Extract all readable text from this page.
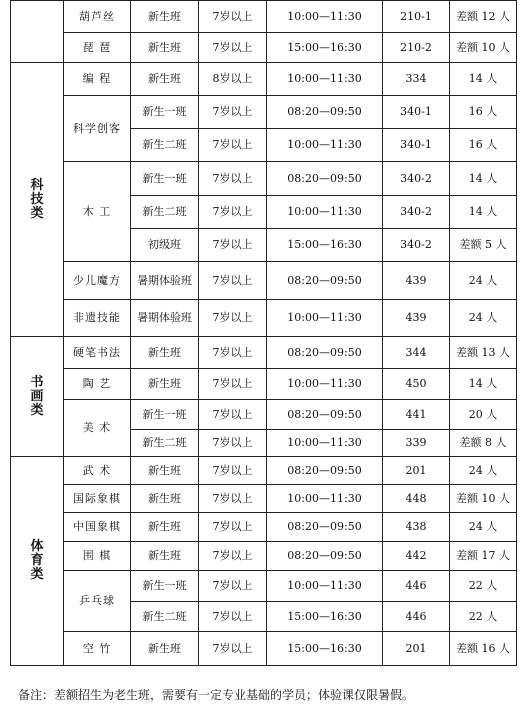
	葫芦丝	新生班	7岁以上	10:00—11:30	210-1	差额 12 人
	琵 琶	新生班	7岁以上	15:00—16:30	210-2	差额 10 人

科
技
类	编 程	新生班	8岁以上	10:00—11:30	334	14 人
	科学创客	新生一班	7岁以上	08:20—09:50	340-1	16 人
		新生二班	7岁以上	10:00—11:30	340-1	16 人
	木 工	新生一班	7岁以上	08:20—09:50	340-2	14 人
		新生二班	7岁以上	10:00—11:30	340-2	14 人
		初级班	7岁以上	15:00—16:30	340-2	差额 5 人
	少儿魔方	暑期体验班	7岁以上	08:20—09:50	439	24 人
	非遗技能	暑期体验班	7岁以上	10:00—11:30	439	24 人

书
画
类	硬笔书法	新生班	7岁以上	08:20—09:50	344	差额 13 人
	陶 艺	新生班	7岁以上	10:00—11:30	450	14 人
	美 术	新生一班	7岁以上	08:20—09:50	441	20 人
		新生二班	7岁以上	10:00—11:30	339	差额 8 人

体
育
类	武 术	新生班	7岁以上	08:20—09:50	201	24 人
	国际象棋	新生班	7岁以上	10:00—11:30	448	差额 10 人
	中国象棋	新生班	7岁以上	08:20—09:50	438	24 人
	围 棋	新生班	7岁以上	08:20—09:50	442	差额 17 人
	乒乓球	新生一班	7岁以上	10:00—11:30	446	22 人
		新生二班	7岁以上	15:00—16:30	446	22 人
	空 竹	新生班	7岁以上	15:00—16:30	201	差额 16 人
备注：差额招生为老生班，需要有一定专业基础的学员；体验课仅限暑假。
